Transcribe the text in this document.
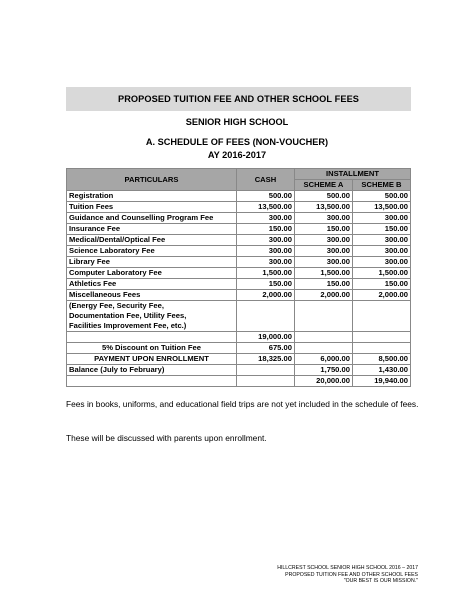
PROPOSED TUITION FEE AND OTHER SCHOOL FEES
SENIOR HIGH SCHOOL
A. SCHEDULE OF FEES (NON-VOUCHER)
AY 2016-2017
PARTICULARS	CASH	INSTALLMENT	
		SCHEME A	SCHEME B
Registration	500.00	500.00	500.00
Tuition Fees	13,500.00	13,500.00	13,500.00
Guidance and Counselling Program Fee	300.00	300.00	300.00
Insurance Fee	150.00	150.00	150.00
Medical/Dental/Optical Fee	300.00	300.00	300.00
Science Laboratory Fee	300.00	300.00	300.00
Library Fee	300.00	300.00	300.00
Computer Laboratory Fee	1,500.00	1,500.00	1,500.00
Athletics Fee	150.00	150.00	150.00
Miscellaneous Fees	2,000.00	2,000.00	2,000.00

(Energy Fee, Security Fee,
Documentation Fee, Utility Fees,
Facilities Improvement Fee, etc.)			

	19,000.00		
5% Discount on Tuition Fee	675.00		
PAYMENT UPON ENROLLMENT	18,325.00	6,000.00	8,500.00
Balance (July to February)		1,750.00	1,430.00
		20,000.00	19,940.00
Fees in books, uniforms, and educational field trips are not yet included in the schedule of fees.
These will be discussed with parents upon enrollment.
HILLCREST SCHOOL SENIOR HIGH SCHOOL 2016 – 2017
PROPOSED TUITION FEE AND OTHER SCHOOL FEES
"OUR BEST IS OUR MISSION."
